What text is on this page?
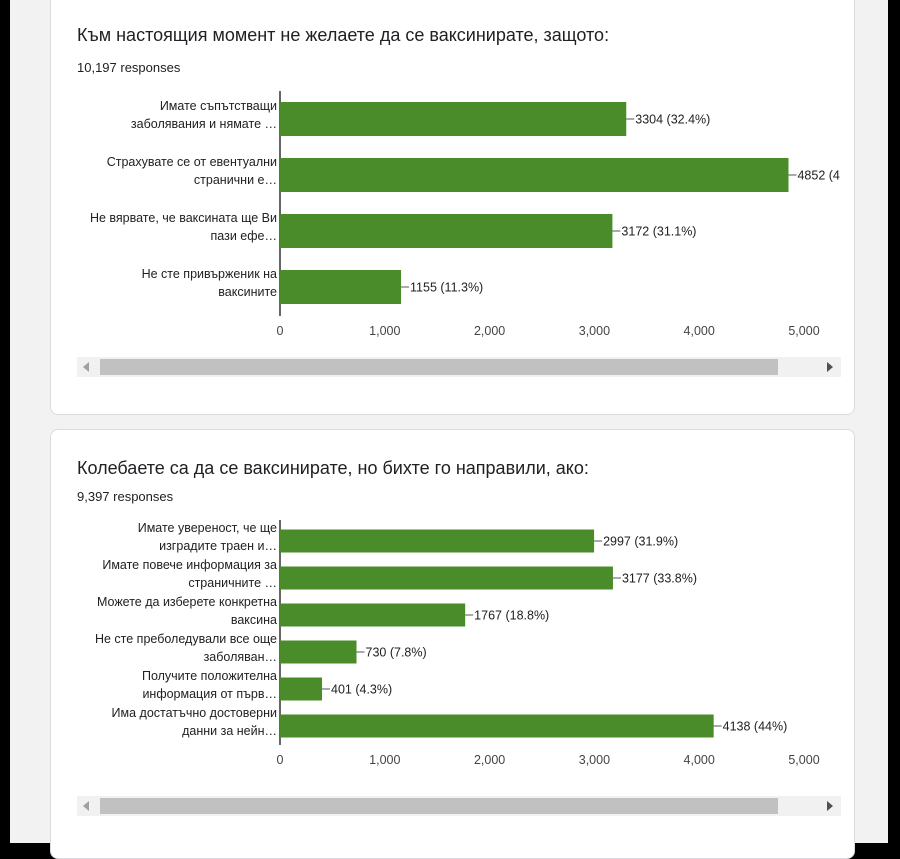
Към настоящия момент не желаете да се ваксинирате, защото:
10,197 responses
3304 (32.4%)
Имате съпътстващи
заболявания и нямате …
4852 (4
Страхувате се от евентуални
странични е…
3172 (31.1%)
Не вярвате, че ваксината ще Ви
пази ефе…
1155 (11.3%)
Не сте привърженик на
ваксините
0	1,000	2,000	3,000	4,000	5,000
Колебаете са да се ваксинирате, но бихте го направили, ако:
9,397 responses
2997 (31.9%)
Имате увереност, че ще
изградите траен и…
3177 (33.8%)
Имате повече информация за
страничните …
1767 (18.8%)
Можете да изберете конкретна
ваксина
730 (7.8%)
Не сте преболедували все още
заболяван…
401 (4.3%)
Получите положителна
информация от първ…
4138 (44%)
Има достатъчно достоверни
данни за нейн…
0	1,000	2,000	3,000	4,000	5,000
